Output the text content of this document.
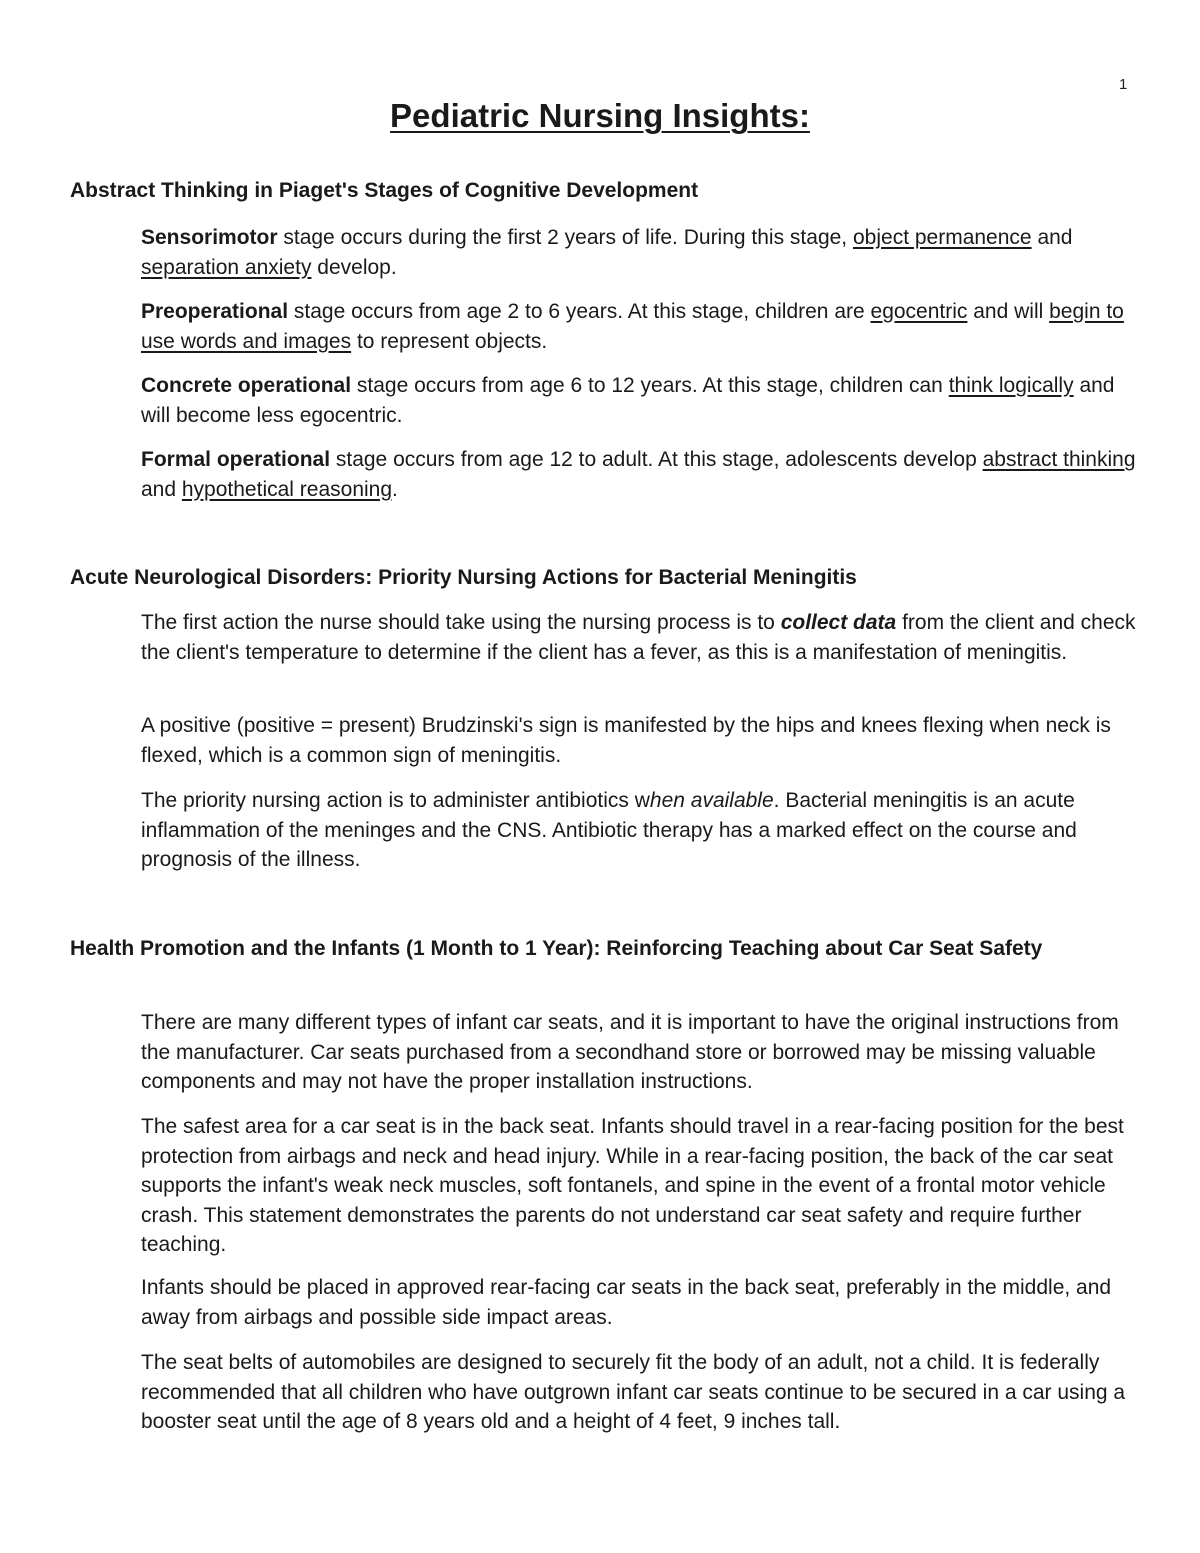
1
Pediatric Nursing Insights:
Abstract Thinking in Piaget's Stages of Cognitive Development

Sensorimotor stage occurs during the first 2 years of life. During this stage, object permanence and separation anxiety develop.

Preoperational stage occurs from age 2 to 6 years. At this stage, children are egocentric and will begin to use words and images to represent objects.

Concrete operational stage occurs from age 6 to 12 years. At this stage, children can think logically and will become less egocentric.

Formal operational stage occurs from age 12 to adult. At this stage, adolescents develop abstract thinking and hypothetical reasoning.

Acute Neurological Disorders: Priority Nursing Actions for Bacterial Meningitis

The first action the nurse should take using the nursing process is to collect data from the client and check the client's temperature to determine if the client has a fever, as this is a manifestation of meningitis.

A positive (positive = present) Brudzinski's sign is manifested by the hips and knees flexing when neck is flexed, which is a common sign of meningitis.

The priority nursing action is to administer antibiotics when available. Bacterial meningitis is an acute inflammation of the meninges and the CNS. Antibiotic therapy has a marked effect on the course and prognosis of the illness.

Health Promotion and the Infants (1 Month to 1 Year): Reinforcing Teaching about Car Seat Safety

There are many different types of infant car seats, and it is important to have the original instructions from the manufacturer. Car seats purchased from a secondhand store or borrowed may be missing valuable components and may not have the proper installation instructions.

The safest area for a car seat is in the back seat. Infants should travel in a rear-facing position for the best protection from airbags and neck and head injury. While in a rear-facing position, the back of the car seat supports the infant's weak neck muscles, soft fontanels, and spine in the event of a frontal motor vehicle crash. This statement demonstrates the parents do not understand car seat safety and require further teaching.

Infants should be placed in approved rear-facing car seats in the back seat, preferably in the middle, and away from airbags and possible side impact areas.

The seat belts of automobiles are designed to securely fit the body of an adult, not a child. It is federally recommended that all children who have outgrown infant car seats continue to be secured in a car using a booster seat until the age of 8 years old and a height of 4 feet, 9 inches tall.
